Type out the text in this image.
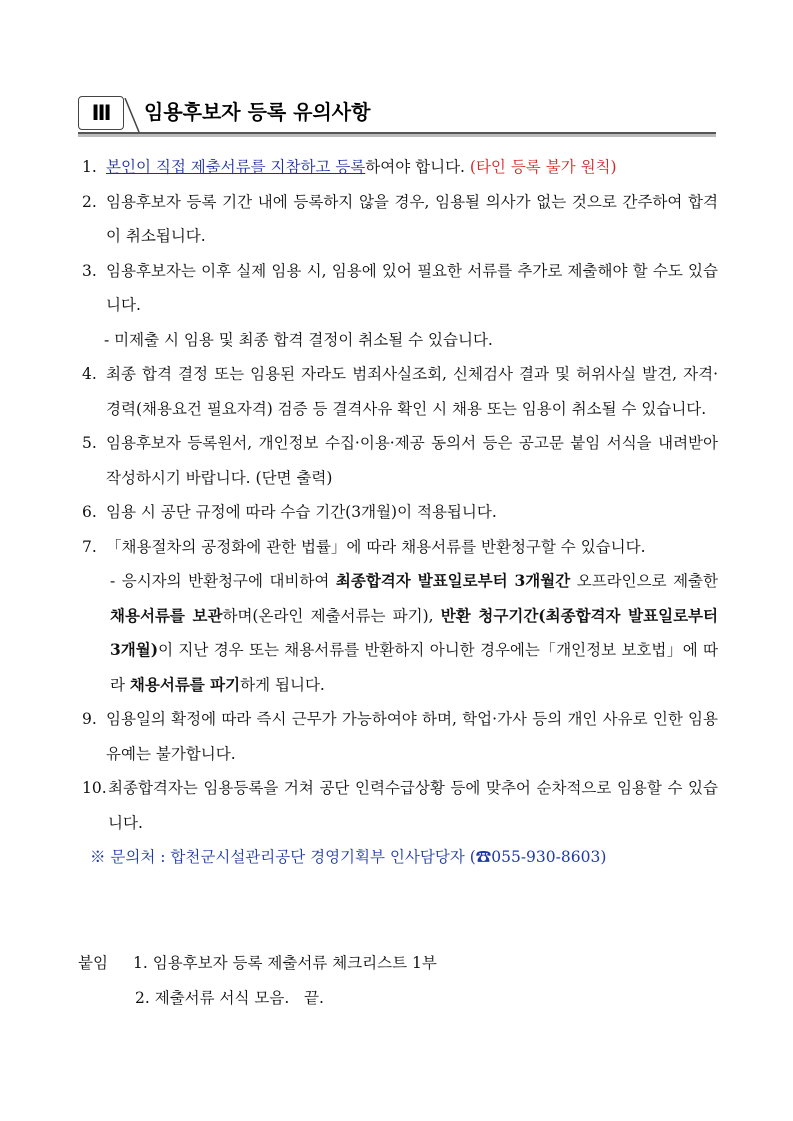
Ⅲ	임용후보자 등록 유의사항
1. 본인이 직접 제출서류를 지참하고 등록하여야 합니다. (타인 등록 불가 원칙)
2. 임용후보자 등록 기간 내에 등록하지 않을 경우, 임용될 의사가 없는 것으로 간주하여 합격이 취소됩니다.
3. 임용후보자는 이후 실제 임용 시, 임용에 있어 필요한 서류를 추가로 제출해야 할 수도 있습니다.
- 미제출 시 임용 및 최종 합격 결정이 취소될 수 있습니다.
4. 최종 합격 결정 또는 임용된 자라도 범죄사실조회, 신체검사 결과 및 허위사실 발견, 자격·경력(채용요건 필요자격) 검증 등 결격사유 확인 시 채용 또는 임용이 취소될 수 있습니다.
5. 임용후보자 등록원서, 개인정보 수집·이용·제공 동의서 등은 공고문 붙임 서식을 내려받아 작성하시기 바랍니다. (단면 출력)
6. 임용 시 공단 규정에 따라 수습 기간(3개월)이 적용됩니다.
7. 「채용절차의 공정화에 관한 법률」에 따라 채용서류를 반환청구할 수 있습니다.
- 응시자의 반환청구에 대비하여 최종합격자 발표일로부터 3개월간 오프라인으로 제출한 채용서류를 보관하며(온라인 제출서류는 파기), 반환 청구기간(최종합격자 발표일로부터 3개월)이 지난 경우 또는 채용서류를 반환하지 아니한 경우에는「개인정보 보호법」에 따라 채용서류를 파기하게 됩니다.
9. 임용일의 확정에 따라 즉시 근무가 가능하여야 하며, 학업·가사 등의 개인 사유로 인한 임용유예는 불가합니다.
10. 최종합격자는 임용등록을 거쳐 공단 인력수급상황 등에 맞추어 순차적으로 임용할 수 있습니다.
※ 문의처 : 합천군시설관리공단 경영기획부 인사담당자 (☎055-930-8603)
붙임 1. 임용후보자 등록 제출서류 체크리스트 1부
2. 제출서류 서식 모음.   끝.
